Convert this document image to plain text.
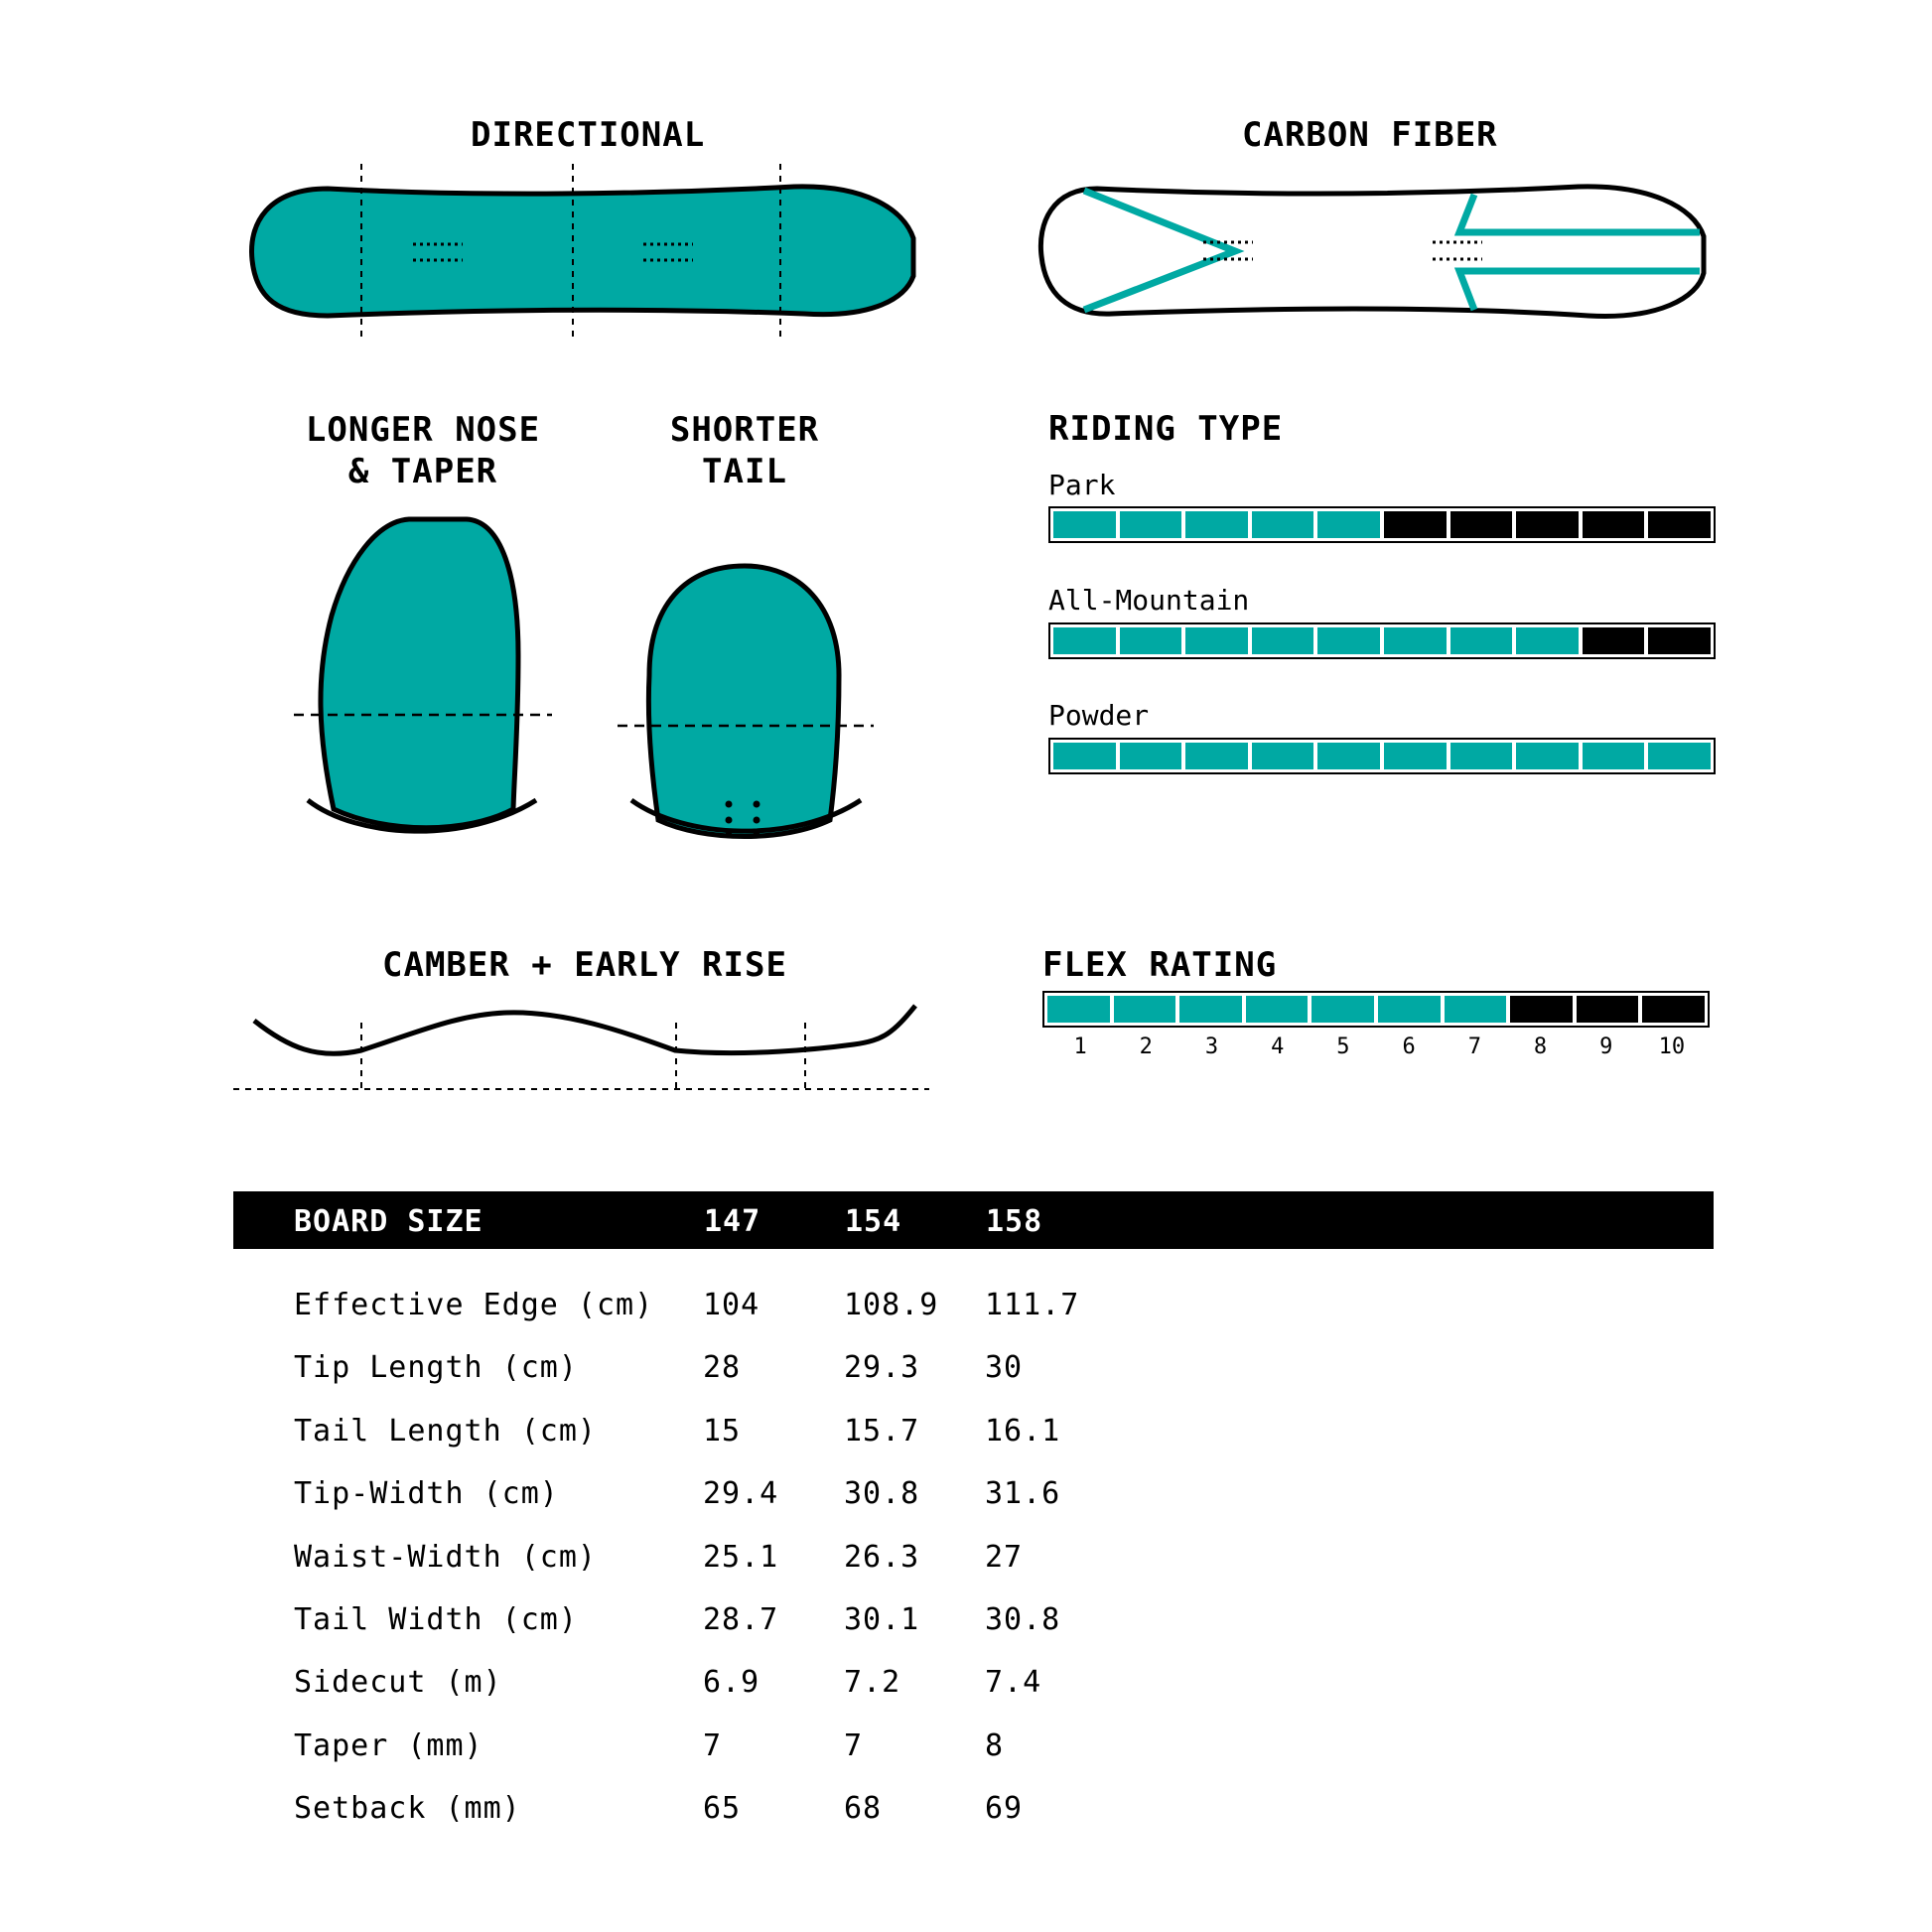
DIRECTIONAL	CARBON FIBER
LONGER NOSE
& TAPER
SHORTER
TAIL
RIDING TYPE
CAMBER + EARLY RISE	FLEX RATING
Park
All-Mountain
Powder
1	2	3	4	5	6	7	8	9	10
BOARD SIZE	147	154	158
Effective Edge (cm) 104	108.9 111.7
Tip Length (cm)	28	29.3 30
Tail Length (cm)	15	15.7 16.1
Tip-Width (cm)	29.4 30.8 31.6
Waist-Width (cm)	25.1 26.3 27
Tail Width (cm)	28.7 30.1 30.8
Sidecut (m)	6.9	7.2	7.4
Taper (mm)	7	7	8
Setback (mm)	65	68	69
